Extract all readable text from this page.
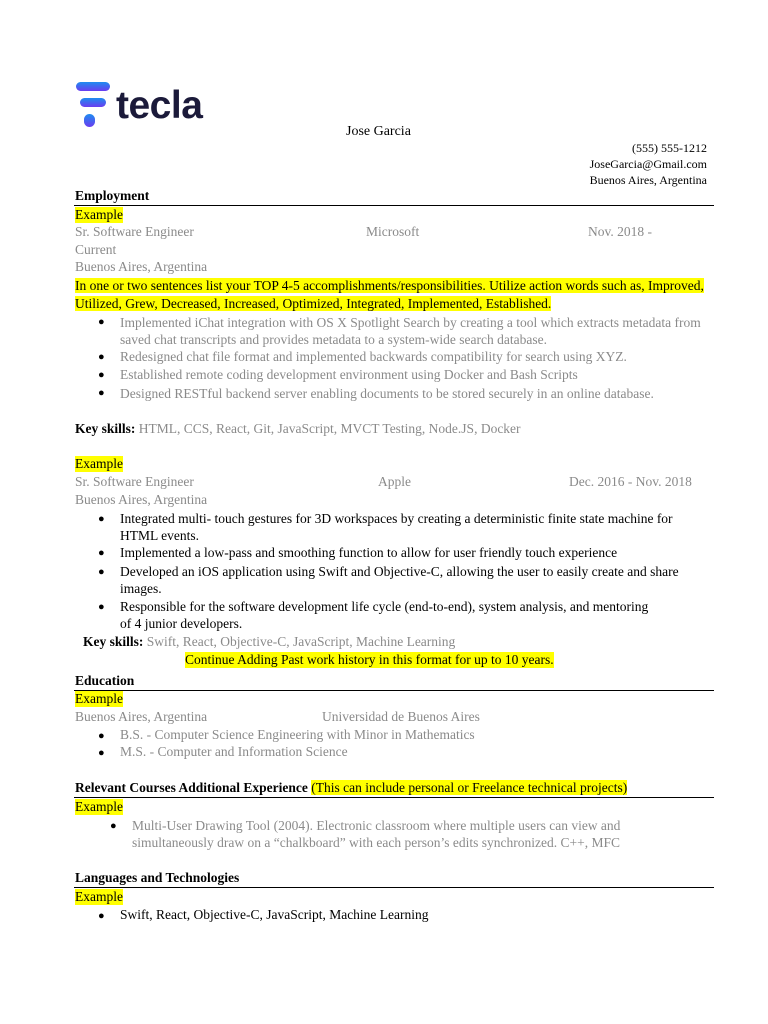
tecla
Jose Garcia
(555) 555-1212
JoseGarcia@Gmail.com
Buenos Aires, Argentina
Employment
Example
Sr. Software Engineer	Microsoft	Nov. 2018 -
Current
Buenos Aires, Argentina
In one or two sentences list your TOP 4-5 accomplishments/responsibilities. Utilize action words such as, Improved, Utilized, Grew, Decreased, Increased, Optimized, Integrated, Implemented, Established.
● Implemented iChat integration with OS X Spotlight Search by creating a tool which extracts metadata from saved chat transcripts and provides metadata to a system-wide search database.
● Redesigned chat file format and implemented backwards compatibility for search using XYZ.
● Established remote coding development environment using Docker and Bash Scripts
● Designed RESTful backend server enabling documents to be stored securely in an online database.
Key skills: HTML, CCS, React, Git, JavaScript, MVCT Testing, Node.JS, Docker
Example
Sr. Software Engineer	Apple	Dec. 2016 - Nov. 2018
Buenos Aires, Argentina
● Integrated multi- touch gestures for 3D workspaces by creating a deterministic finite state machine for HTML events.
● Implemented a low-pass and smoothing function to allow for user friendly touch experience
● Developed an iOS application using Swift and Objective-C, allowing the user to easily create and share images.
● Responsible for the software development life cycle (end-to-end), system analysis, and mentoring of 4 junior developers.
Key skills: Swift, React, Objective-C, JavaScript, Machine Learning
Continue Adding Past work history in this format for up to 10 years.
Education
Example
Buenos Aires, Argentina	Universidad de Buenos Aires
● B.S. - Computer Science Engineering with Minor in Mathematics
● M.S. - Computer and Information Science
Relevant Courses Additional Experience (This can include personal or Freelance technical projects)
Example
● Multi-User Drawing Tool (2004). Electronic classroom where multiple users can view and simultaneously draw on a “chalkboard” with each person’s edits synchronized. C++, MFC
Languages and Technologies
Example
● Swift, React, Objective-C, JavaScript, Machine Learning
